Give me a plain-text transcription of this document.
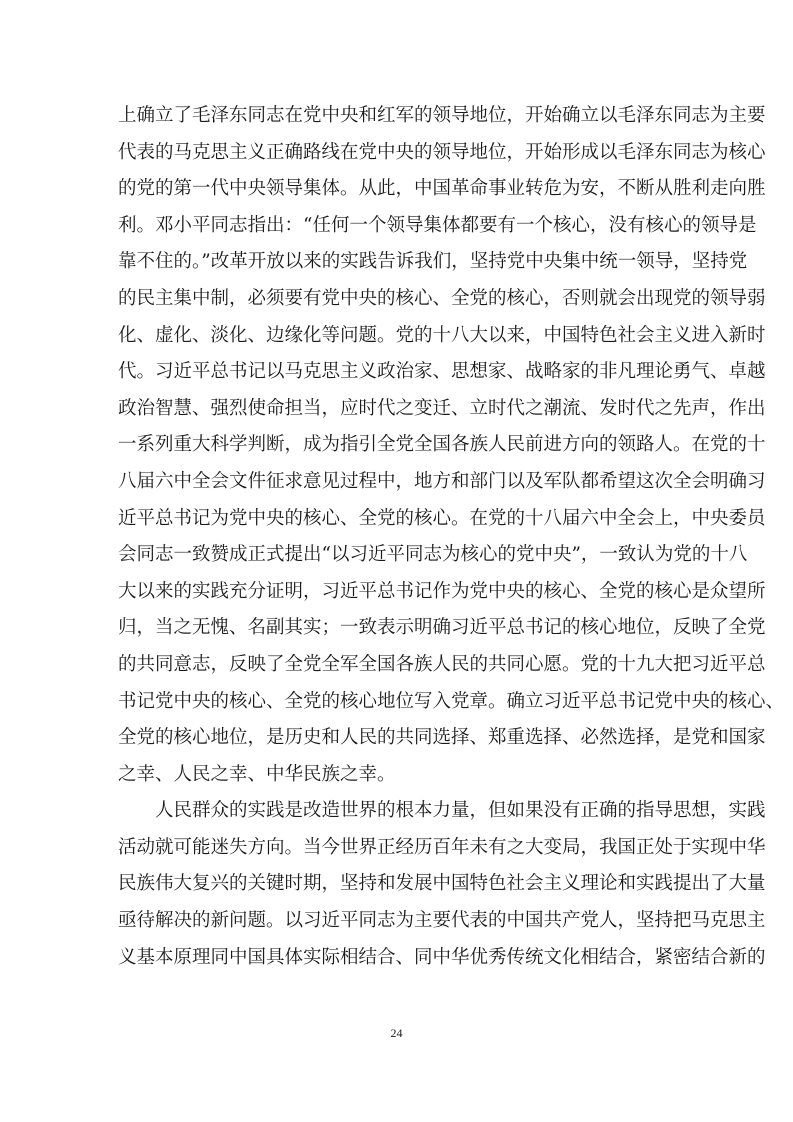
上确立了毛泽东同志在党中央和红军的领导地位，开始确立以毛泽东同志为主要
代表的马克思主义正确路线在党中央的领导地位，开始形成以毛泽东同志为核心
的党的第一代中央领导集体。从此，中国革命事业转危为安，不断从胜利走向胜
利。邓小平同志指出：“任何一个领导集体都要有一个核心，没有核心的领导是
靠不住的。”改革开放以来的实践告诉我们，坚持党中央集中统一领导，坚持党
的民主集中制，必须要有党中央的核心、全党的核心，否则就会出现党的领导弱
化、虚化、淡化、边缘化等问题。党的十八大以来，中国特色社会主义进入新时
代。习近平总书记以马克思主义政治家、思想家、战略家的非凡理论勇气、卓越
政治智慧、强烈使命担当，应时代之变迁、立时代之潮流、发时代之先声，作出
一系列重大科学判断，成为指引全党全国各族人民前进方向的领路人。在党的十
八届六中全会文件征求意见过程中，地方和部门以及军队都希望这次全会明确习
近平总书记为党中央的核心、全党的核心。在党的十八届六中全会上，中央委员
会同志一致赞成正式提出“以习近平同志为核心的党中央”，一致认为党的十八
大以来的实践充分证明，习近平总书记作为党中央的核心、全党的核心是众望所
归，当之无愧、名副其实；一致表示明确习近平总书记的核心地位，反映了全党
的共同意志，反映了全党全军全国各族人民的共同心愿。党的十九大把习近平总
书记党中央的核心、全党的核心地位写入党章。确立习近平总书记党中央的核心、
全党的核心地位，是历史和人民的共同选择、郑重选择、必然选择，是党和国家
之幸、人民之幸、中华民族之幸。
人民群众的实践是改造世界的根本力量，但如果没有正确的指导思想，实践
活动就可能迷失方向。当今世界正经历百年未有之大变局，我国正处于实现中华
民族伟大复兴的关键时期，坚持和发展中国特色社会主义理论和实践提出了大量
亟待解决的新问题。以习近平同志为主要代表的中国共产党人，坚持把马克思主
义基本原理同中国具体实际相结合、同中华优秀传统文化相结合，紧密结合新的
24
